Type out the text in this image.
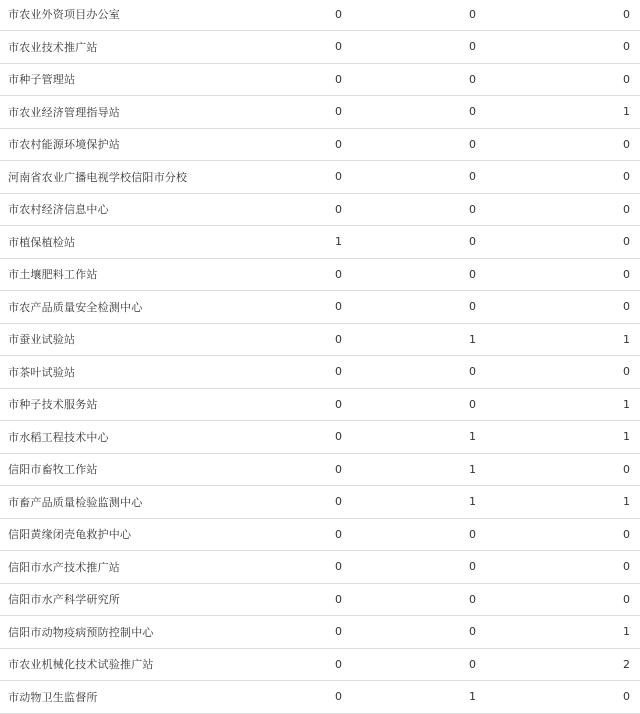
市农业外资项目办公室	0	0	0
市农业技术推广站	0	0	0
市种子管理站	0	0	0
市农业经济管理指导站	0	0	1
市农村能源环境保护站	0	0	0
河南省农业广播电视学校信阳市分校	0	0	0
市农村经济信息中心	0	0	0
市植保植检站	1	0	0
市土壤肥料工作站	0	0	0
市农产品质量安全检测中心	0	0	0
市蚕业试验站	0	1	1
市茶叶试验站	0	0	0
市种子技术服务站	0	0	1
市水稻工程技术中心	0	1	1
信阳市畜牧工作站	0	1	0
市畜产品质量检验监测中心	0	1	1
信阳黄缘闭壳龟救护中心	0	0	0
信阳市水产技术推广站	0	0	0
信阳市水产科学研究所	0	0	0
信阳市动物疫病预防控制中心	0	0	1
市农业机械化技术试验推广站	0	0	2
市动物卫生监督所	0	1	0
